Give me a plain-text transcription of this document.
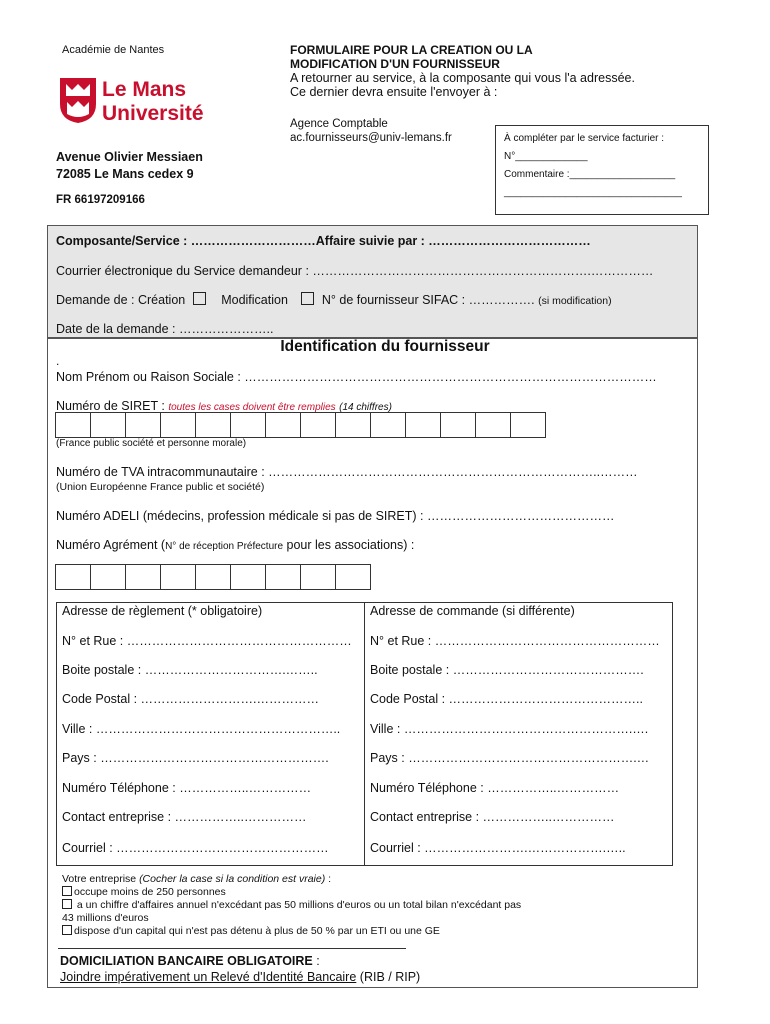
Académie de Nantes
Le Mans
Université
Avenue Olivier Messiaen
72085 Le Mans cedex 9
FR 66197209166
FORMULAIRE POUR LA CREATION OU LA
MODIFICATION D'UN FOURNISSEUR
A retourner au service, à la composante qui vous l'a adressée.
Ce dernier devra ensuite l'envoyer à :
Agence Comptable
ac.fournisseurs@univ-lemans.fr	À compléter par le service facturier :
N°_____________
Commentaire :___________________
________________________________
Composante/Service : …………………………Affaire suivie par : …………………………………
Courrier électronique du Service demandeur : ………………………………………………………….……………
Demande de : Création	Modification	N° de fournisseur SIFAC : ……………. (si modification)
Date de la demande : …………………..
Identification du fournisseur
.
Nom Prénom ou Raison Sociale : ………………………………………………………………………………………
Numéro de SIRET : toutes les cases doivent être remplies (14 chiffres)
(France public société et personne morale)
Numéro de TVA intracommunautaire : ……………………………………………………………………..………
(Union Européenne France public et société)
Numéro ADELI (médecins, profession médicale si pas de SIRET) : ………………………………………
Numéro Agrément (N° de réception Préfecture pour les associations) :
Adresse de règlement (* obligatoire)	Adresse de commande (si différente)
N° et Rue : ……………………………………………… N° et Rue : ………………………………………………
Boite postale : …………………………….……..	Boite postale : ……………………………………….
Code Postal : ……………………….……………	Code Postal : ………………………………………..
Ville : ………………………………………………….. Ville : ……………………………………………….….
Pays : ……………………………………………….	Pays : ……………………………………………….…
Numéro Téléphone : ……………..……………	Numéro Téléphone : ……………..……………
Contact entreprise : ……………..……………	Contact entreprise : ……………..……………
Courriel : ……………………………………………	Courriel : …………………….……………….…..
Votre entreprise (Cocher la case si la condition est vraie) :
occupe moins de 250 personnes
a un chiffre d'affaires annuel n'excédant pas 50 millions d'euros ou un total bilan n'excédant pas
43 millions d'euros
dispose d'un capital qui n'est pas détenu à plus de 50 % par un ETI ou une GE
DOMICILIATION BANCAIRE OBLIGATOIRE :
Joindre impérativement un Relevé d'Identité Bancaire (RIB / RIP)
